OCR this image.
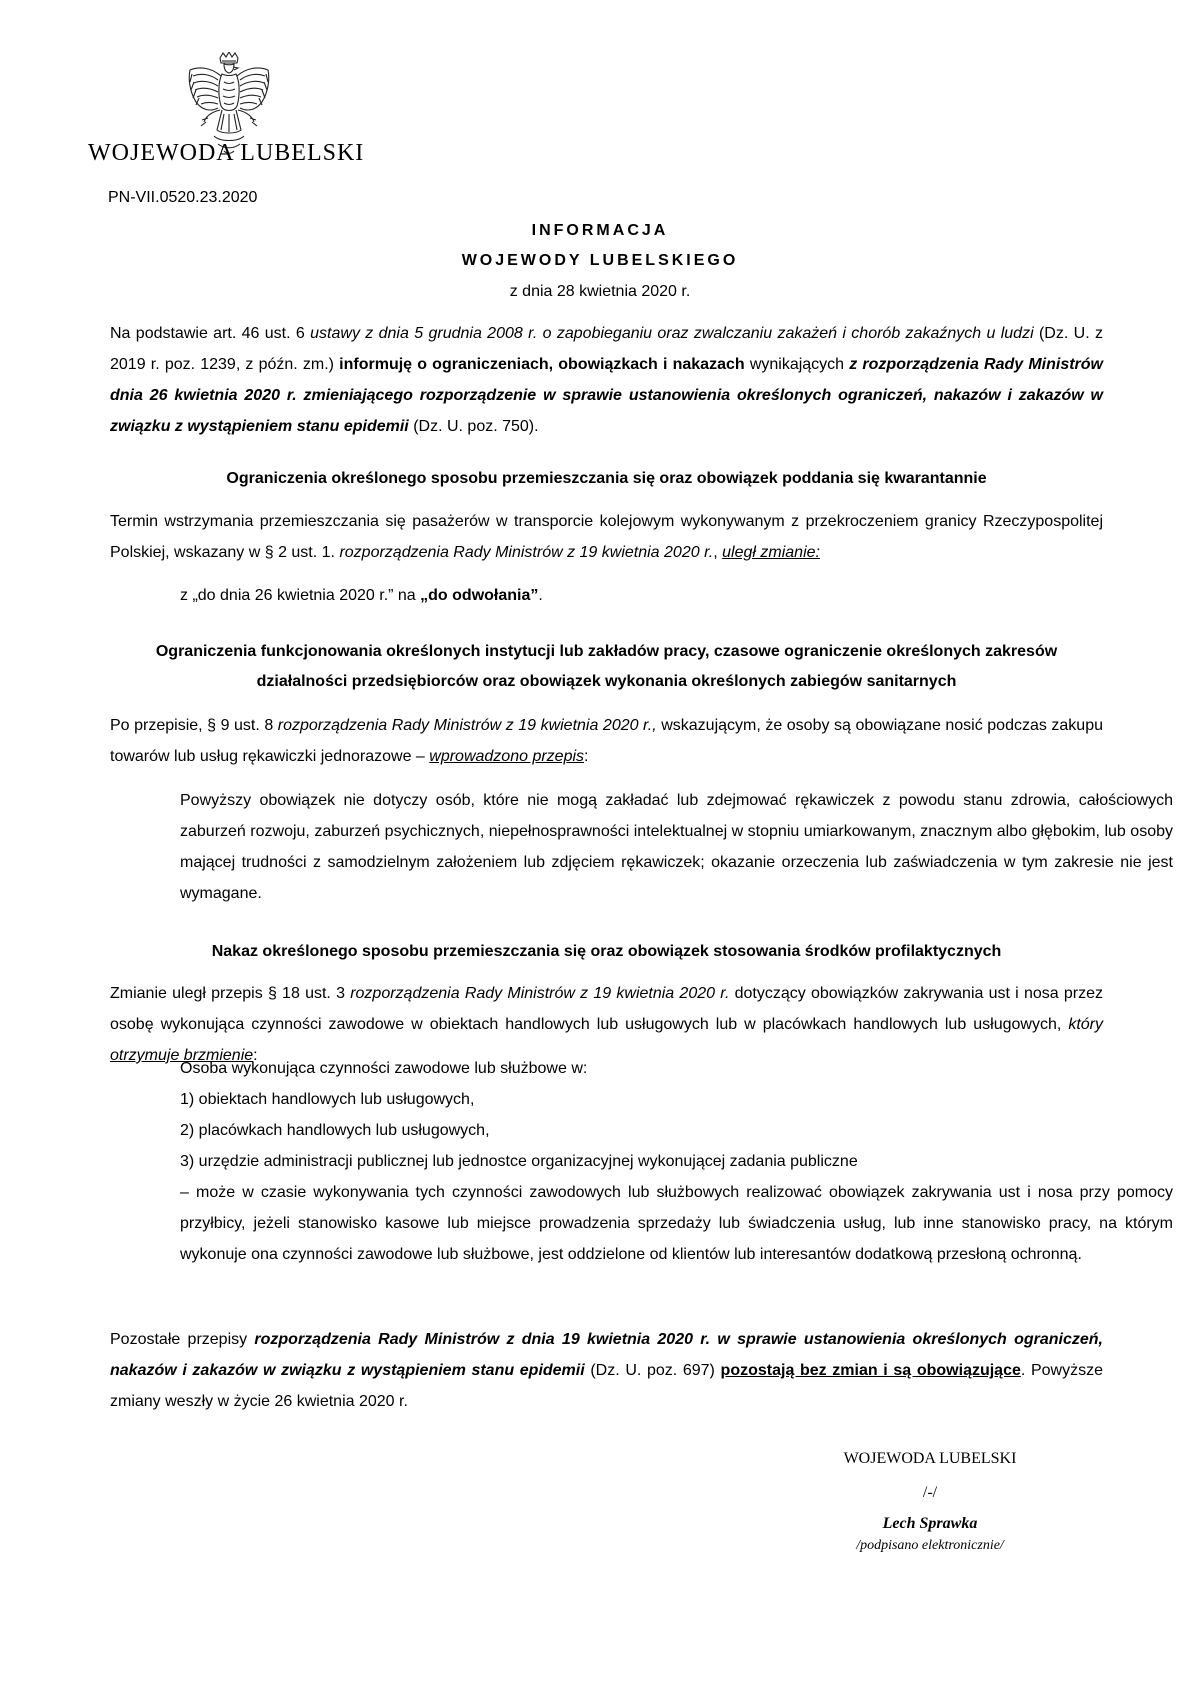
WOJEWODA LUBELSKI
PN-VII.0520.23.2020
INFORMACJA
WOJEWODY LUBELSKIEGO
z dnia 28 kwietnia 2020 r.

Na podstawie art. 46 ust. 6 ustawy z dnia 5 grudnia 2008 r. o zapobieganiu oraz zwalczaniu zakażeń i chorób zakaźnych u ludzi (Dz. U. z 2019 r. poz. 1239, z późn. zm.) informuję o ograniczeniach, obowiązkach i nakazach wynikających z rozporządzenia Rady Ministrów dnia 26 kwietnia 2020 r. zmieniającego rozporządzenie w sprawie ustanowienia określonych ograniczeń, nakazów i zakazów w związku z wystąpieniem stanu epidemii (Dz. U. poz. 750).

Ograniczenia określonego sposobu przemieszczania się oraz obowiązek poddania się kwarantannie

Termin wstrzymania przemieszczania się pasażerów w transporcie kolejowym wykonywanym z przekroczeniem granicy Rzeczypospolitej Polskiej, wskazany w § 2 ust. 1. rozporządzenia Rady Ministrów z 19 kwietnia 2020 r., uległ zmianie:

z „do dnia 26 kwietnia 2020 r.” na „do odwołania”.

Ograniczenia funkcjonowania określonych instytucji lub zakładów pracy, czasowe ograniczenie określonych zakresów działalności przedsiębiorców oraz obowiązek wykonania określonych zabiegów sanitarnych

Po przepisie, § 9 ust. 8 rozporządzenia Rady Ministrów z 19 kwietnia 2020 r., wskazującym, że osoby są obowiązane nosić podczas zakupu towarów lub usług rękawiczki jednorazowe – wprowadzono przepis:

Powyższy obowiązek nie dotyczy osób, które nie mogą zakładać lub zdejmować rękawiczek z powodu stanu zdrowia, całościowych zaburzeń rozwoju, zaburzeń psychicznych, niepełnosprawności intelektualnej w stopniu umiarkowanym, znacznym albo głębokim, lub osoby mającej trudności z samodzielnym założeniem lub zdjęciem rękawiczek; okazanie orzeczenia lub zaświadczenia w tym zakresie nie jest wymagane.

Nakaz określonego sposobu przemieszczania się oraz obowiązek stosowania środków profilaktycznych

Zmianie uległ przepis § 18 ust. 3 rozporządzenia Rady Ministrów z 19 kwietnia 2020 r. dotyczący obowiązków zakrywania ust i nosa przez osobę wykonująca czynności zawodowe w obiektach handlowych lub usługowych lub w placówkach handlowych lub usługowych, który otrzymuje brzmienie:

Osoba wykonująca czynności zawodowe lub służbowe w:

1) obiektach handlowych lub usługowych,

2) placówkach handlowych lub usługowych,

3) urzędzie administracji publicznej lub jednostce organizacyjnej wykonującej zadania publiczne

– może w czasie wykonywania tych czynności zawodowych lub służbowych realizować obowiązek zakrywania ust i nosa przy pomocy przyłbicy, jeżeli stanowisko kasowe lub miejsce prowadzenia sprzedaży lub świadczenia usług, lub inne stanowisko pracy, na którym wykonuje ona czynności zawodowe lub służbowe, jest oddzielone od klientów lub interesantów dodatkową przesłoną ochronną.

Pozostałe przepisy rozporządzenia Rady Ministrów z dnia 19 kwietnia 2020 r. w sprawie ustanowienia określonych ograniczeń, nakazów i zakazów w związku z wystąpieniem stanu epidemii (Dz. U. poz. 697) pozostają bez zmian i są obowiązujące. Powyższe zmiany weszły w życie 26 kwietnia 2020 r.

WOJEWODA LUBELSKI
/-/
Lech Sprawka
/podpisano elektronicznie/
